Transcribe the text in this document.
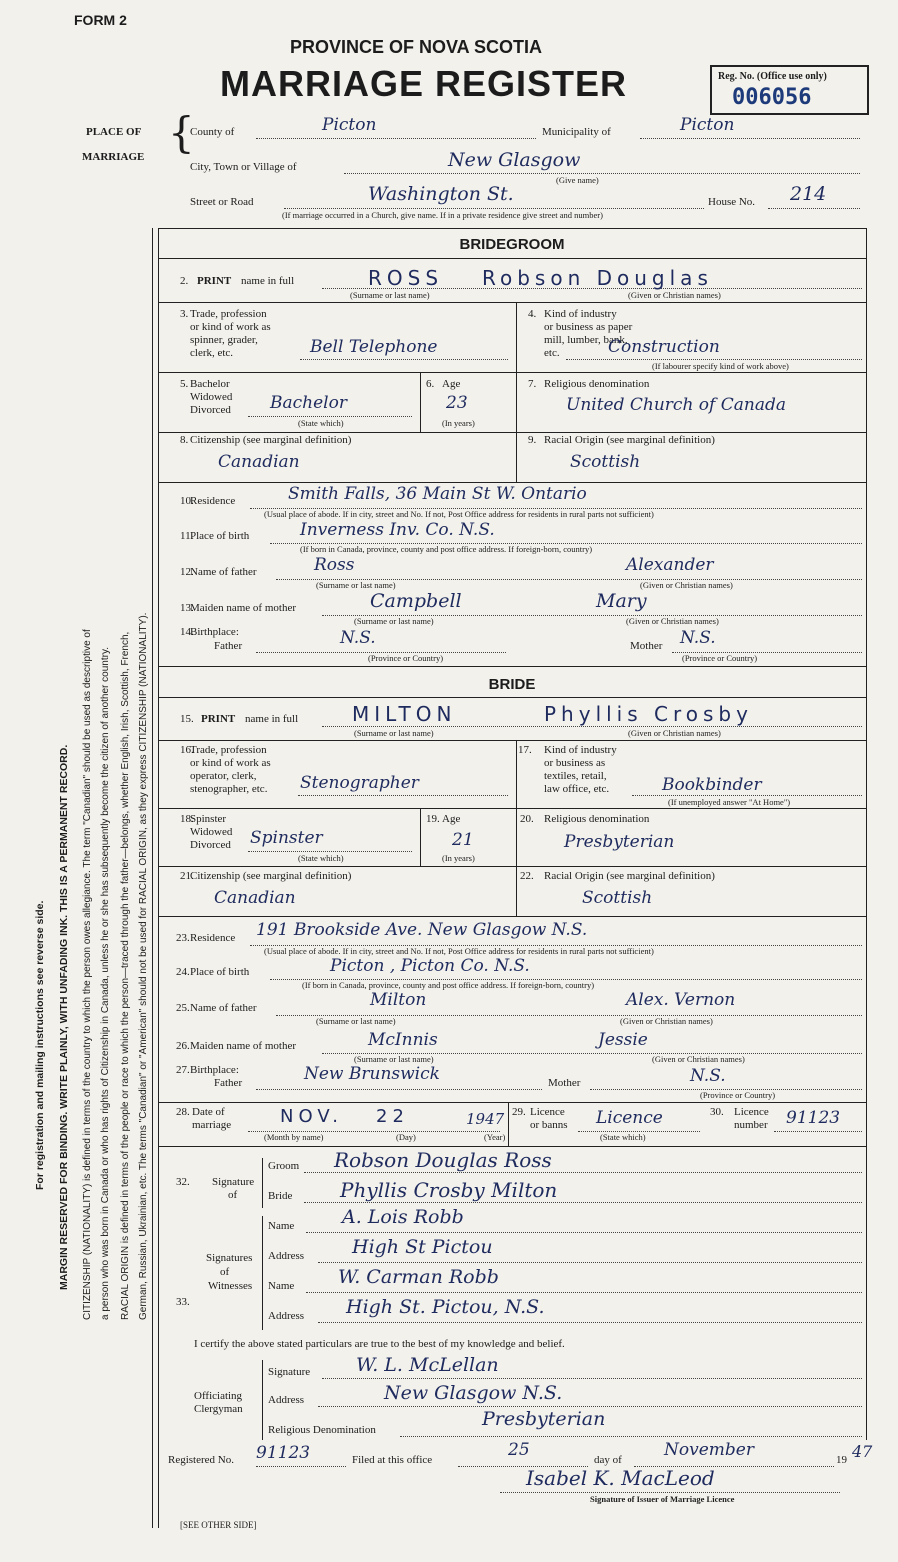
FORM 2
PROVINCE OF NOVA SCOTIA
MARRIAGE REGISTER	Reg. No. (Office use only)
006056
PLACE OF
MARRIAGE {
County of	Picton	Municipality of	Picton
City, Town or Village of	New Glasgow
(Give name)
Street or Road	Washington St.	House No. 214
(If marriage occurred in a Church, give name. If in a private residence give street and number)
For registration and mailing instructions see reverse side. MARGIN RESERVED FOR BINDING. WRITE PLAINLY, WITH UNFADING INK. THIS IS A PERMANENT RECORD. CITIZENSHIP (NATIONALITY) is defined in terms of the country to which the person owes allegiance. The term "Canadian" should be used as descriptive of a person who was born in Canada or who has rights of Citizenship in Canada, unless he or she has subsequently become the citizen of another country. RACIAL ORIGIN is defined in terms of the people or race to which the person—traced through the father—belongs, whether English, Irish, Scottish, French, German, Russian, Ukrainian, etc. The terms "Canadian" or "American" should not be used for RACIAL ORIGIN, as they express CITIZENSHIP (NATIONALITY).
BRIDEGROOM
2. PRINT name in full	ROSS Robson Douglas
(Surname or last name)	(Given or Christian names)
3. Trade, profession
or kind of work as
spinner, grader,
clerk, etc.	Bell Telephone
4. Kind of industry
or business as paper
mill, lumber, bank,
etc.	Construction
(If labourer specify kind of work above)
5. Bachelor
Widowed
Divorced Bachelor
(State which)
6. Age
23
(In years)
7. Religious denomination
United Church of Canada
8. Citizenship (see marginal definition)
Canadian
9. Racial Origin (see marginal definition)
Scottish
10.
Residence	Smith Falls, 36 Main St W. Ontario
(Usual place of abode. If in city, street and No. If not, Post Office address for residents in rural parts not sufficient)
11.
Place of birth	Inverness Inv. Co. N.S.
(If born in Canada, province, county and post office address. If foreign-born, country)
12.
Name of father	Ross	Alexander
(Surname or last name)	(Given or Christian names)
13.
Maiden name of mother	Campbell	Mary
(Surname or last name)	(Given or Christian names)
14.
Birthplace:
Father	N.S.
(Province or Country)
Mother N.S.
(Province or Country)
BRIDE
15. PRINT name in full	MILTON	Phyllis Crosby
(Surname or last name)	(Given or Christian names)
16.
Trade, profession
or kind of work as
operator, clerk,
stenographer, etc. Stenographer
17. Kind of industry
or business as
textiles, retail,
law office, etc.	Bookbinder
(If unemployed answer "At Home")
18.
Spinster
Widowed
Divorced Spinster
(State which)
19. Age
21
(In years)
20. Religious denomination
Presbyterian
21.
Citizenship (see marginal definition)
Canadian
22. Racial Origin (see marginal definition)
Scottish
23. Residence 191 Brookside Ave. New Glasgow N.S.
(Usual place of abode. If in city, street and No. If not, Post Office address for residents in rural parts not sufficient)
24. Place of birth	Picton , Picton Co. N.S.
(If born in Canada, province, county and post office address. If foreign-born, country)
25. Name of father	Milton	Alex. Vernon
(Surname or last name)	(Given or Christian names)
26. Maiden name of mother	McInnis	Jessie
(Surname or last name)	(Given or Christian names)
27. Birthplace:
Father	New Brunswick	Mother	N.S.
(Province or Country)
28. Date of
marriage	NOV. 22	1947
(Month by name)	(Day)	(Year)
29. Licence
or banns Licence
(State which)
30. Licence
number 91123
32. Signature
of
Groom Robson Douglas Ross
Bride Phyllis Crosby Milton
33.
Signatures
of
Witnesses
Name	A. Lois Robb
Address	High St Pictou
Name W. Carman Robb
Address High St. Pictou, N.S.
I certify the above stated particulars are true to the best of my knowledge and belief.
Officiating
Clergyman
Signature W. L. McLellan
Address	New Glasgow N.S.
Religious Denomination	Presbyterian
Registered No. 91123	Filed at this office	25	day of November	19 47
Isabel K. MacLeod
Signature of Issuer of Marriage Licence
[SEE OTHER SIDE]
